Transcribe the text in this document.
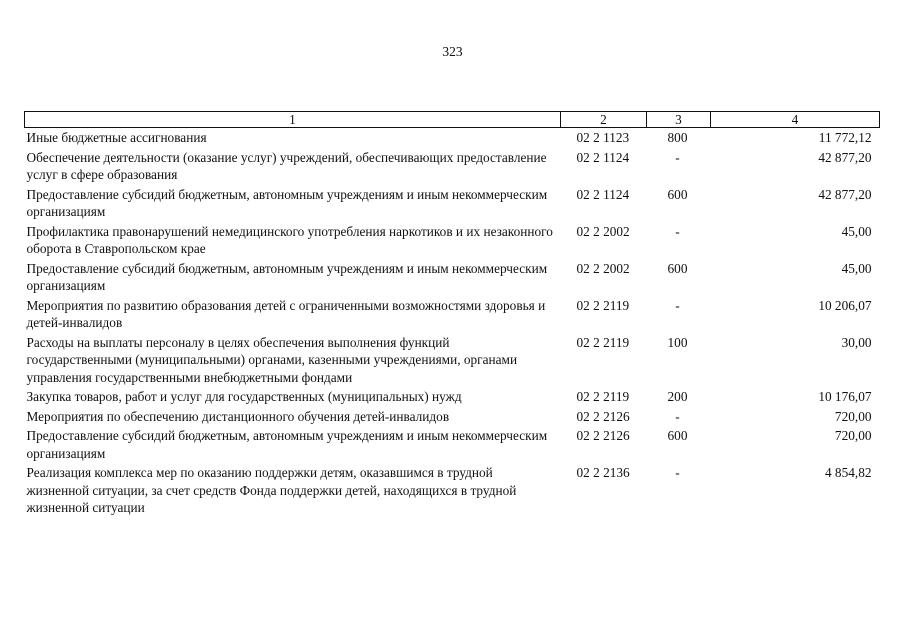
323
1	2	3	4
Иные бюджетные ассигнования	02 2 1123	800	11 772,12
Обеспечение деятельности (оказание услуг) учреждений, обеспечивающих предоставление услуг в сфере образования	02 2 1124	-	42 877,20
Предоставление субсидий бюджетным, автономным учреждениям и иным некоммерческим организациям	02 2 1124	600	42 877,20
Профилактика правонарушений немедицинского употребления наркотиков и их незаконного оборота в Ставропольском крае	02 2 2002	-	45,00
Предоставление субсидий бюджетным, автономным учреждениям и иным некоммерческим организациям	02 2 2002	600	45,00
Мероприятия по развитию образования детей с ограниченными возможностями здоровья и детей-инвалидов	02 2 2119	-	10 206,07
Расходы на выплаты персоналу в целях обеспечения выполнения функций государственными (муниципальными) органами, казенными учреждениями, органами управления государственными внебюджетными фондами	02 2 2119	100	30,00
Закупка товаров, работ и услуг для государственных (муниципальных) нужд	02 2 2119	200	10 176,07
Мероприятия по обеспечению дистанционного обучения детей-инвалидов	02 2 2126	-	720,00
Предоставление субсидий бюджетным, автономным учреждениям и иным некоммерческим организациям	02 2 2126	600	720,00
Реализация комплекса мер по оказанию поддержки детям, оказавшимся в трудной жизненной ситуации, за счет средств Фонда поддержки детей, находящихся в трудной жизненной ситуации	02 2 2136	-	4 854,82
